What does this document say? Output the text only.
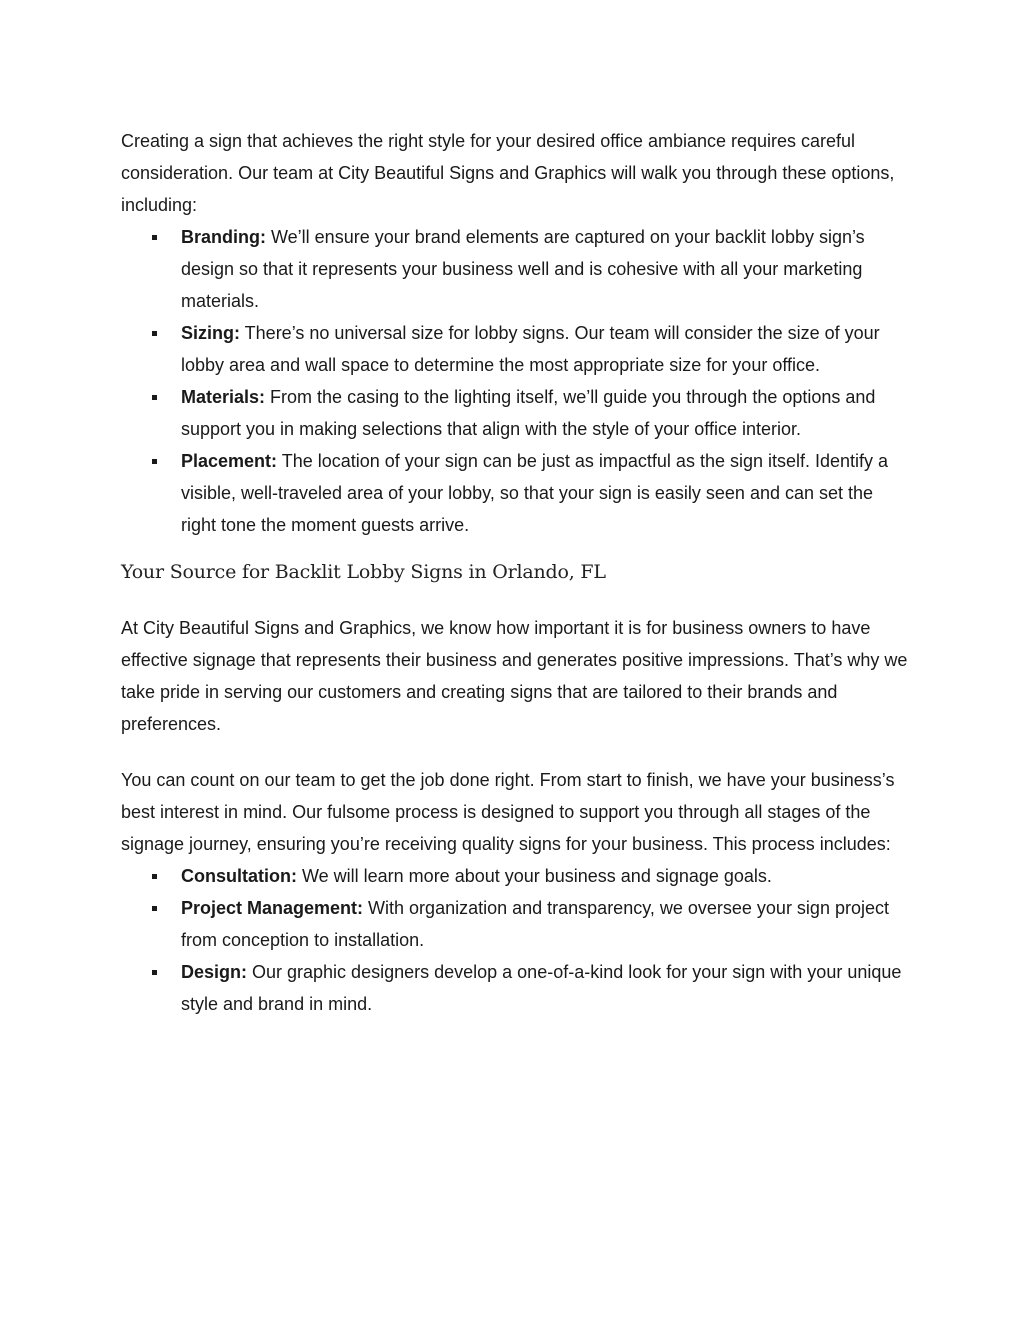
Creating a sign that achieves the right style for your desired office ambiance requires careful consideration. Our team at City Beautiful Signs and Graphics will walk you through these options, including:

Branding: We’ll ensure your brand elements are captured on your backlit lobby sign’s design so that it represents your business well and is cohesive with all your marketing materials.
Sizing: There’s no universal size for lobby signs. Our team will consider the size of your lobby area and wall space to determine the most appropriate size for your office.
Materials: From the casing to the lighting itself, we’ll guide you through the options and support you in making selections that align with the style of your office interior.
Placement: The location of your sign can be just as impactful as the sign itself. Identify a visible, well-traveled area of your lobby, so that your sign is easily seen and can set the right tone the moment guests arrive.
Your Source for Backlit Lobby Signs in Orlando, FL

At City Beautiful Signs and Graphics, we know how important it is for business owners to have effective signage that represents their business and generates positive impressions. That’s why we take pride in serving our customers and creating signs that are tailored to their brands and preferences.

You can count on our team to get the job done right. From start to finish, we have your business’s best interest in mind. Our fulsome process is designed to support you through all stages of the signage journey, ensuring you’re receiving quality signs for your business. This process includes:

Consultation: We will learn more about your business and signage goals.
Project Management: With organization and transparency, we oversee your sign project from conception to installation.
Design: Our graphic designers develop a one-of-a-kind look for your sign with your unique style and brand in mind.
